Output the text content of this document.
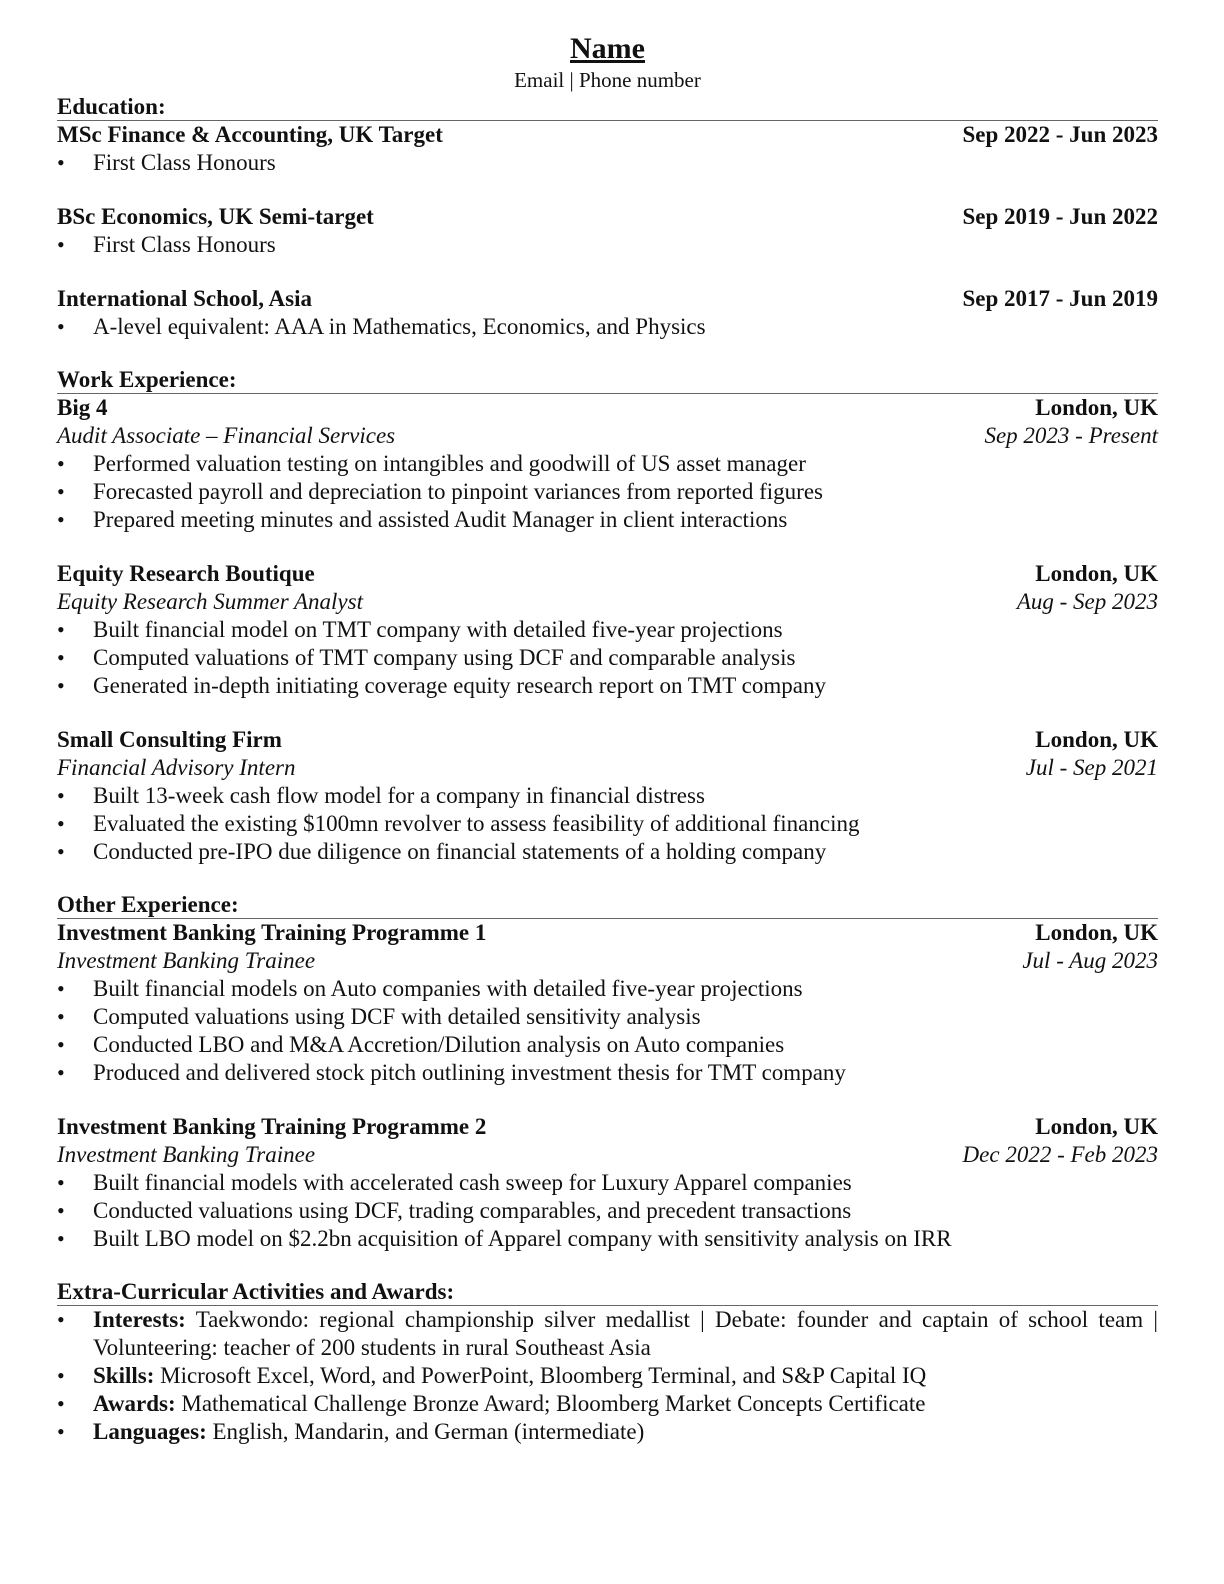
Name
Email | Phone number
Education:
MSc Finance & Accounting, UK Target	Sep 2022 - Jun 2023
• First Class Honours
BSc Economics, UK Semi-target	Sep 2019 - Jun 2022
• First Class Honours
International School, Asia	Sep 2017 - Jun 2019
• A-level equivalent: AAA in Mathematics, Economics, and Physics
Work Experience:
Big 4	London, UK
Audit Associate – Financial Services	Sep 2023 - Present
• Performed valuation testing on intangibles and goodwill of US asset manager
• Forecasted payroll and depreciation to pinpoint variances from reported figures
• Prepared meeting minutes and assisted Audit Manager in client interactions
Equity Research Boutique	London, UK
Equity Research Summer Analyst	Aug - Sep 2023
• Built financial model on TMT company with detailed five-year projections
• Computed valuations of TMT company using DCF and comparable analysis
• Generated in-depth initiating coverage equity research report on TMT company
Small Consulting Firm	London, UK
Financial Advisory Intern	Jul - Sep 2021
• Built 13-week cash flow model for a company in financial distress
• Evaluated the existing $100mn revolver to assess feasibility of additional financing
• Conducted pre-IPO due diligence on financial statements of a holding company
Other Experience:
Investment Banking Training Programme 1	London, UK
Investment Banking Trainee	Jul - Aug 2023
• Built financial models on Auto companies with detailed five-year projections
• Computed valuations using DCF with detailed sensitivity analysis
• Conducted LBO and M&A Accretion/Dilution analysis on Auto companies
• Produced and delivered stock pitch outlining investment thesis for TMT company
Investment Banking Training Programme 2	London, UK
Investment Banking Trainee	Dec 2022 - Feb 2023
• Built financial models with accelerated cash sweep for Luxury Apparel companies
• Conducted valuations using DCF, trading comparables, and precedent transactions
• Built LBO model on $2.2bn acquisition of Apparel company with sensitivity analysis on IRR
Extra-Curricular Activities and Awards:
• Interests: Taekwondo: regional championship silver medallist | Debate: founder and captain of school team | Volunteering: teacher of 200 students in rural Southeast Asia
• Skills: Microsoft Excel, Word, and PowerPoint, Bloomberg Terminal, and S&P Capital IQ
• Awards: Mathematical Challenge Bronze Award; Bloomberg Market Concepts Certificate
• Languages: English, Mandarin, and German (intermediate)
